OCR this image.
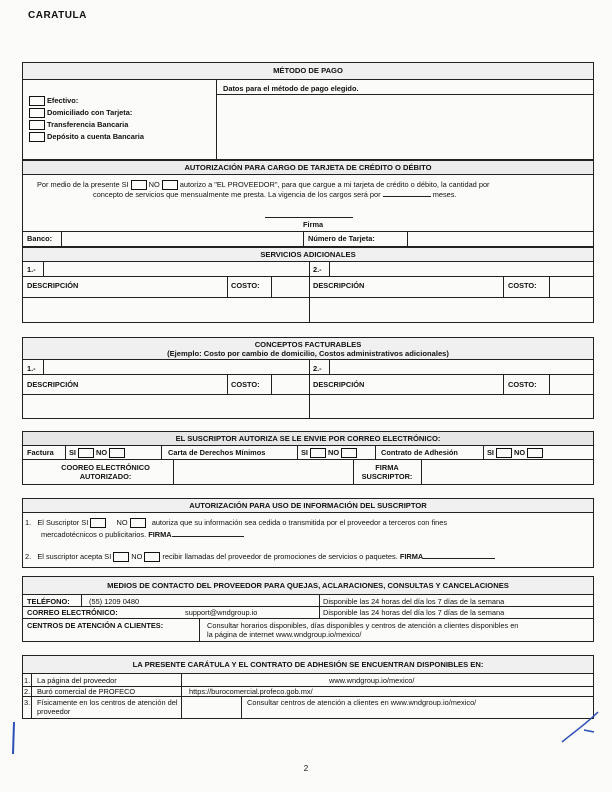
CARATULA
MÉTODO DE PAGO
Datos para el método de pago elegido.
Efectivo:
Domiciliado con Tarjeta:
Transferencia Bancaria
Depósito a cuenta Bancaria
AUTORIZACIÓN PARA CARGO DE TARJETA DE CRÉDITO O DÉBITO
Por medio de la presente SI	NO	autorizo a "EL PROVEEDOR", para que cargue a mi tarjeta de crédito o débito, la cantidad por
concepto de servicios que mensualmente me presta. La vigencia de los cargos será por	meses.
Firma
Banco:	Número de Tarjeta:
SERVICIOS ADICIONALES
1.-	2.-
DESCRIPCIÓN	COSTO:	DESCRIPCIÓN	COSTO:
CONCEPTOS FACTURABLES
(Ejemplo: Costo por cambio de domicilio, Costos administrativos adicionales)
1.-	2.-
DESCRIPCIÓN	COSTO:	DESCRIPCIÓN	COSTO:
EL SUSCRIPTOR AUTORIZA SE LE ENVIE POR CORREO ELECTRÓNICO:
Factura SI	NO	Carta de Derechos Mínimos	SI	NO	Contrato de Adhesión	SI	NO
COOREO ELECTRÓNICO AUTORIZADO:
FIRMA SUSCRIPTOR:
AUTORIZACIÓN PARA USO DE INFORMACIÓN DEL SUSCRIPTOR
1. El Suscriptor SI	NO	autoriza que su información sea cedida o transmitida por el proveedor a terceros con fines
mercadotécnicos o publicitarios. FIRMA
2. El suscriptor acepta SI	NO	recibir llamadas del proveedor de promociones de servicios o paquetes. FIRMA
MEDIOS DE CONTACTO DEL PROVEEDOR PARA QUEJAS, ACLARACIONES, CONSULTAS Y CANCELACIONES
TELÉFONO:	(55) 1209 0480	Disponible las 24 horas del día los 7 días de la semana
CORREO ELECTRÓNICO:	support@wndgroup.io	Disponible las 24 horas del día los 7 días de la semana
CENTROS DE ATENCIÓN A CLIENTES:	Consultar horarios disponibles, días disponibles y centros de atención a clientes disponibles en
la página de internet www.wndgroup.io/mexico/
LA PRESENTE CARÁTULA Y EL CONTRATO DE ADHESIÓN SE ENCUENTRAN DISPONIBLES EN:
1. La página del proveedor	www.wndgroup.io/mexico/
2. Buró comercial de PROFECO	https://burocomercial.profeco.gob.mx/
3. Físicamente en los centros de atención del
proveedor
Consultar centros de atención a clientes en www.wndgroup.io/mexico/
2
